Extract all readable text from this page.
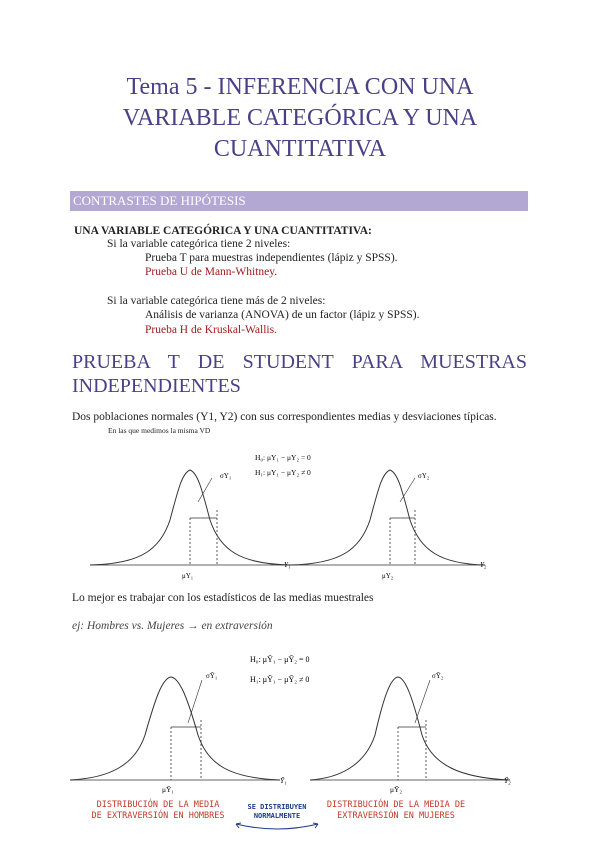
Tema 5 - INFERENCIA CON UNA
VARIABLE CATEGÓRICA Y UNA
CUANTITATIVA
CONTRASTES DE HIPÓTESIS
UNA VARIABLE CATEGÓRICA Y UNA CUANTITATIVA:
Si la variable categórica tiene 2 niveles:
Prueba T para muestras independientes (lápiz y SPSS).
Prueba U de Mann-Whitney.
Si la variable categórica tiene más de 2 niveles:
Análisis de varianza (ANOVA) de un factor (lápiz y SPSS).
Prueba H de Kruskal-Wallis.
PRUEBA T DE STUDENT PARA MUESTRAS INDEPENDIENTES
Dos poblaciones normales (Y1, Y2) con sus correspondientes medias y desviaciones típicas.
En las que medimos la misma VD
σY₁
μY₁
Y₁
σY₂
μY₂
Y₂
H₀: μY₁ − μY₂ = 0
H₁: μY₁ − μY₂ ≠ 0
Lo mejor es trabajar con los estadísticos de las medias muestrales
ej: Hombres vs. Mujeres → en extraversión
σȲ₁
μȲ₁
Ȳ₁
σȲ₂
μȲ₂
Ȳ₂
H₀: μȲ₁ − μȲ₂ = 0
H₁: μȲ₁ − μȲ₂ ≠ 0
DISTRIBUCIÓN DE LA MEDIA
DE EXTRAVERSIÓN EN HOMBRES
SE DISTRIBUYEN
NORMALMENTE
DISTRIBUCIÓN DE LA MEDIA DE
EXTRAVERSIÓN EN MUJERES
